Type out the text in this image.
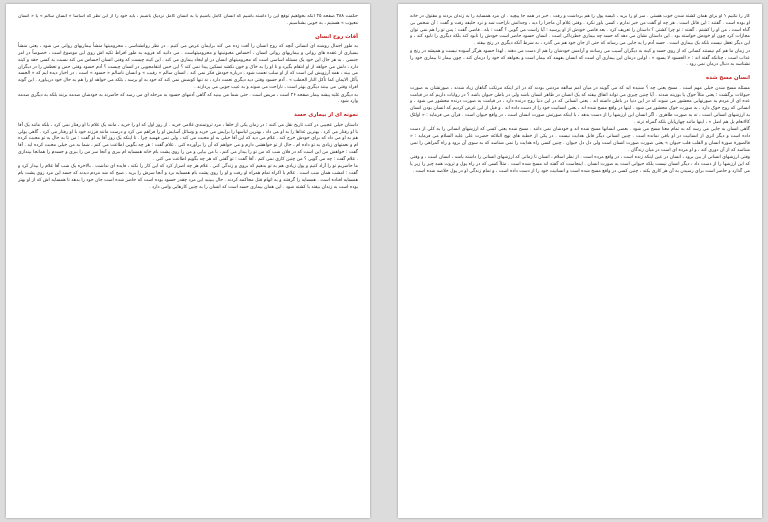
حکمت ۳۸۸ صفحه ۲۵ آنکه بخواهیم توقع این را داشته باشیم که انسان کامل باشیم یا به انسان کامل نزدیک باشیم ، باید خود را از این نظر که اساساً « انسان سالم » یا « انسان معیوب » هستیم ، به خوبی بشناسیم .

آفات روح انسان

به طور اجمال روشنه ای انسانی آنچه که روح انسان را آفت زده می کند برایمان عرض می کنیم . در نظر روانشناسی ، محرومیتها منشأ بیماریهای روانی می شود ، یعنی منشأ بسیاری از عقده های روانی و بیماریهای روانی انسان ، احساس مغبونیتها و محرومیتهاست . می دانید که فروید به طور افراط تکیه اش روی این موضوع است ، خصوصاً در امر جنسی . به هر حال این خود یک مسئله اساسی است که محرومیتهای انسان در او ایجاد بیماری می کند . این کینه چیست که وقتی انسان احساس می کند نسبت به کسی حقد و کینه دارد ، دلش می خواهد از او انتقام بگیرد و تا او را به خاک و خون نکشد تسکین پیدا نمی کند ؟ این حس انتقامجویی در انسان چیست ؟ آدم حسود وقتی حس و تعطش را در دیگران می بیند ، همه آرزویش این است که از او سلب نعمت شود ، درباره خودش فکر نمی کند . انسان سالم « رقیب » و انسان ناسالم « حسود » است . در اخبار دیده ایم که « الحسد یأکل الایمان کما تأکل النار الحطب » . آدم حسود وقتی دید دیگری نعمت دارد ، نه تنها کوشش نمی کند که خود به او برسد ، بلکه می خواهد او را هم به حال خود دربیاورد . این گونه افراد وقتی می بینند دیگری بهتر است ، ناراحت می شوند و به عیب جویی می پردازند .

به دیگری غلبه پیشه بیمار صفحه ۲۶ است ، مریض است . حتی شما می بینید که گاهی آدمهای حسود به مرحله ای می رسد که حاضرند به خودشان صدمه بزنند بلکه به دیگری صدمه وارد شود .

نمونه ای از بیماری حسد

داستان خیلی عجیبی در کتب تاریخ نقل می کنند : در زمان یکی از خلفا ، مرد ثروتمندی غلامی خرید . از روز اول که او را خرید ، مانند یک غلام با او رفتار نمی کرد ، بلکه مانند یک آقا با او رفتار می کرد . بهترین غذاها را به او می داد ، بهترین لباسها را برایش می خرید و وسائل آسایش او را فراهم می کرد و درست مانند فرزند خود با او رفتار می کرد . گاهی پولی هم به او می داد که برای خودش خرج کند . غلام می دید که این آقا خیلی به او محبت می کند ، ولی نمی فهمید چرا . تا اینکه یک روز آقا به او گفت : من تا به حال به تو محبت کرده ام و نعمتهای زیادی به تو داده ام ، حال از تو خواهشی دارم و می خواهم که آن را برآورده کنی . غلام گفت : هر چه بگویی اطاعت می کنم ، شما به من خیلی محبت کرده اید . آقا گفت : خواهش من این است که در فلان شب که من تو را بیدار می کنم ، با من بیایی و من را روی پشت بام خانه همسایه ام ببری و آنجا سر من را ببری و جسدم را همانجا بیندازی . غلام گفت : چه می گویی ؟ من چنین کاری نمی کنم . آقا گفت : تو گفتی که هر چه بگویم اطاعت می کنی .

ما حاضریم تو را آزاد کنیم و پول زیادی هم به تو بدهیم که بروی و زندگی کنی . غلام هر چه اصرار کرد که این کار را نکند ، فایده ای نداشت . بالاخره یک شب آقا غلام را بیدار کرد و گفت : امشب همان شب است . غلام با اکراه تمام همراه او رفت و او را روی پشت بام همسایه برد و آنجا سرش را برید . صبح که شد مردم دیدند که جسد این مرد روی پشت بام همسایه افتاده است . همسایه را گرفتند و به اتهام قتل محاکمه کردند . حال ببینید این مرد چقدر حسود بوده است که حاضر شده است جان خود را بدهد تا همسایه اش که از او بهتر بوده است به زندان بیفتد یا کشته شود . این همان بیماری حسد است که انسان را به چنین کارهایی وامی دارد .

کار را نکنیم ؟ او برای همان کشته شدن خوب هستی . سر او را برید ، کیسه پول را هم برداشت و رفت . خبر در همه جا پیچید . آن مرد همسایه را به زندان بردند و مقتول در خانه او بوده است . گفتند : این قاتل است . هر چه او گفت من خبر ندارم ، کسی باور نکرد . وقتی غلام آن ماجرا را دید ، وجدانش ناراحت شد و نزد خلیفه رفت و گفت : آن شخص بی گناه است ، من او را کشتم . گفتند : تو چرا کشتی ؟ داستان را تعریف کرد . بعد قاضی خودش از او پرسید : آیا راست می گویی ؟ گفت : بله . قاضی گفت : پس تو را هم نمی توان مجازات کرد چون او خودش خواسته بود . این داستان نشان می دهد که حسد چه بیماری خطرناکی است . انسان حسود حاضر است خودش را نابود کند بلکه دیگری را نابود کند ، و این دیگر تعقل نیست بلکه یک بیماری است . حسد آدم را به جایی می رساند که حتی از جان خود هم می گذرد ، به شرط آنکه دیگری در رنج بیفتد .

در زمان ما هم کم نیستند کسانی که از روی حسد و کینه به دیگران آسیب می رسانند و آرامش خودشان را هم از دست می دهند . لهذا حسود هرگز آسوده نیست و همیشه در رنج و عذاب است ، چنانکه گفته اند : « الحسود لا یسود » . اولین درمان این بیماری آن است که انسان بفهمد که بیمار است و بخواهد که خود را درمان کند ، چون بیمار تا بیماری خود را نشناسد به دنبال درمان نمی رود .

انسان مسخ شده

مسئله مسخ شدن خیلی مهم است . مسخ یعنی چه ؟ شنیده اید که می گویند در میان امم سالفه مردمی بودند که در اثر اینکه مرتکب گناهان زیاد شدند ، صورتشان به صورت حیوانات برگشت ؛ یعنی مثلاً خوک یا بوزینه شدند . آیا چنین چیزی می تواند اتفاق بیفتد که یک انسان در ظاهر انسان باشد ولی در باطن حیوان باشد ؟ در روایات داریم که در قیامت عده ای از مردم به صورتهایی محشور می شوند که در این دنیا در باطن داشته اند . یعنی انسانی که در این دنیا روح درنده دارد ، در قیامت به صورت درنده محشور می شود ، و انسانی که روح خوک دارد ، به صورت خوک محشور می شود . اینها در واقع مسخ شده اند ، یعنی انسانیت خود را از دست داده اند . و قبل از این عرض کردیم که انسان بودن انسان به ارزشهای انسانی است ، نه به صورت ظاهری . اگر انسان این ارزشها را از دست بدهد ، با اینکه صورتش صورت انسان است ، در واقع حیوان است . قرآن می فرماید : « اولئک کالانعام بل هم اضل » ، اینها مانند چهارپایان بلکه گمراه ترند .

گاهی انسان به جایی می رسد که به تمام معنا مسخ می شود . بعضی انسانها مسخ شده اند و خودشان نمی دانند . مسخ شده یعنی کسی که ارزشهای انسانی را به کلی از دست داده است و دیگر اثری از انسانیت در او باقی نمانده است . چنین انسانی دیگر قابل هدایت نیست . در یکی از خطبه های نهج البلاغه حضرت علی علیه السلام می فرماید : « فالصورة صورة انسان و القلب قلب حیوان » یعنی صورت صورت انسان است ولی دل دل حیوان . چنین کسی راه هدایت را نمی شناسد که به سوی آن برود و راه گمراهی را نمی شناسد که از آن دوری کند ، و او مرده ای است در میان زندگان .

وقتی ارزشهای انسانی از بین برود ، انسان در عین اینکه زنده است ، در واقع مرده است . از نظر اسلام ، انسان تا زمانی که ارزشهای انسانی را داشته باشد ، انسان است ، و وقتی که این ارزشها را از دست داد ، دیگر انسان نیست بلکه حیوانی است به صورت انسان . اینجاست که گفته اند مسخ شده است . مثلاً کسی که در راه پول و ثروت همه چیز را زیر پا می گذارد و حاضر است برای رسیدن به آن هر کاری بکند ، چنین کسی در واقع مسخ شده است و انسانیت خود را از دست داده است ، و تمام زندگی او در پول خلاصه شده است .
